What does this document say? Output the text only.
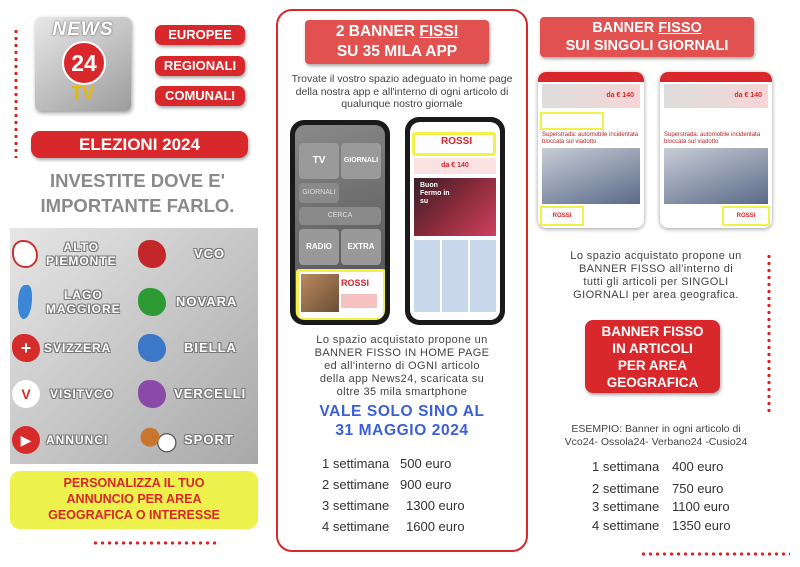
NEWS
24
TV
EUROPEE
REGIONALI
COMUNALI
ELEZIONI 2024
INVESTITE DOVE E'
IMPORTANTE FARLO.
ALTO
PIEMONTE	VCO
LAGO
MAGGIORE	NOVARA
+	SVIZZERA	BIELLA
V	VISITVCO	VERCELLI
▶	ANNUNCI	SPORT
PERSONALIZZA IL TUO
ANNUNCIO PER AREA
GEOGRAFICA O INTERESSE
2 BANNER FISSI
SU 35 MILA APP
Trovate il vostro spazio adeguato in home page
della nostra app e all'interno di ogni articolo di
qualunque nostro giornale
TV	GIORNALI
GIORNALI
CERCA
RADIO	EXTRA
ROSSI
ROSSI
da € 140
Buon Fermo in su
Lo spazio acquistato propone un
BANNER FISSO IN HOME PAGE
ed all'interno di OGNI articolo
della app News24, scaricata su
oltre 35 mila smartphone
VALE SOLO SINO AL
31 MAGGIO 2024
1 settimana 500 euro
2 settimane 900 euro
3 settimane 1300 euro
4 settimane 1600 euro
BANNER FISSO
SUI SINGOLI GIORNALI
da € 140
Superstrada: automobile incidentata bloccata sul viadotto
ROSSI
da € 140
Superstrada: automobile incidentata bloccata sul viadotto
ROSSI
Lo spazio acquistato propone un
BANNER FISSO all'interno di
tutti gli articoli per SINGOLI
GIORNALI per area geografica.
BANNER FISSO
IN ARTICOLI
PER AREA
GEOGRAFICA
ESEMPIO: Banner in ogni articolo di
Vco24- Ossola24- Verbano24 -Cusio24
1 settimana 400 euro
2 settimane 750 euro
3 settimane 1100 euro
4 settimane 1350 euro
